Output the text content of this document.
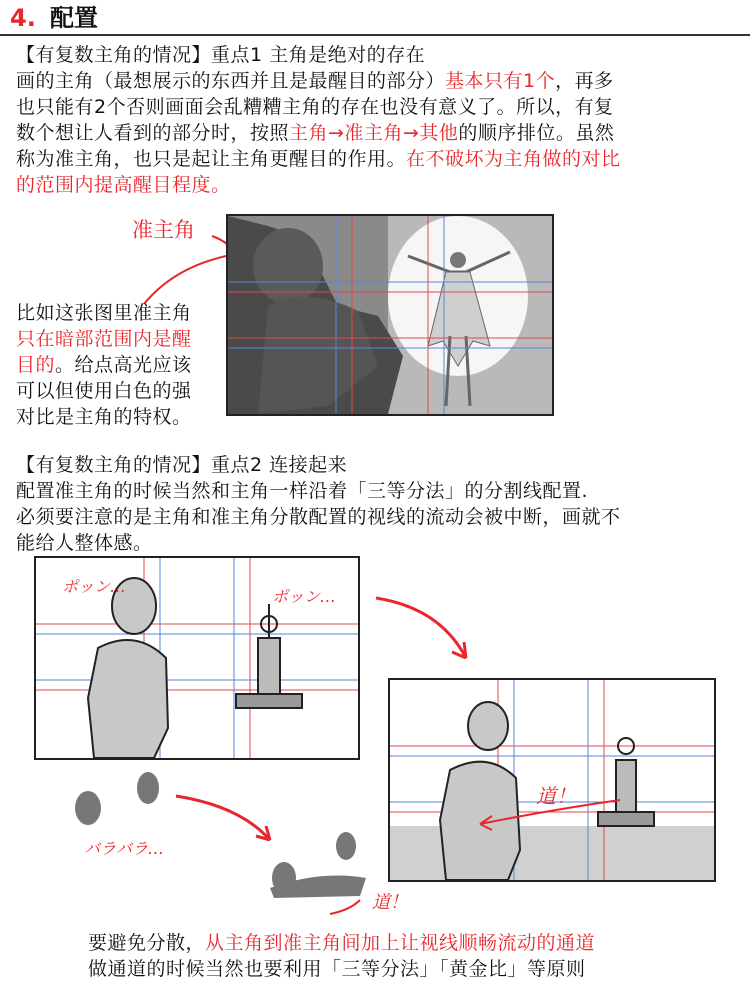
4. 配置
【有复数主角的情况】重点1 主角是绝对的存在
画的主角（最想展示的东西并且是最醒目的部分）基本只有1个，再多
也只能有2个否则画面会乱糟糟主角的存在也没有意义了。所以，有复
数个想让人看到的部分时，按照主角→准主角→其他的顺序排位。虽然
称为准主角，也只是起让主角更醒目的作用。在不破坏为主角做的对比
的范围内提高醒目程度。
准主角
比如这张图里准主角
只在暗部范围内是醒
目的。给点高光应该
可以但使用白色的强
对比是主角的特权。
【有复数主角的情况】重点2 连接起来
配置准主角的时候当然和主角一样沿着「三等分法」的分割线配置.
必须要注意的是主角和准主角分散配置的视线的流动会被中断，画就不
能给人整体感。
ポッン…
ポッン…
道！
バラバラ…
道！
要避免分散，从主角到准主角间加上让视线顺畅流动的通道
做通道的时候当然也要利用「三等分法」「黄金比」等原则
